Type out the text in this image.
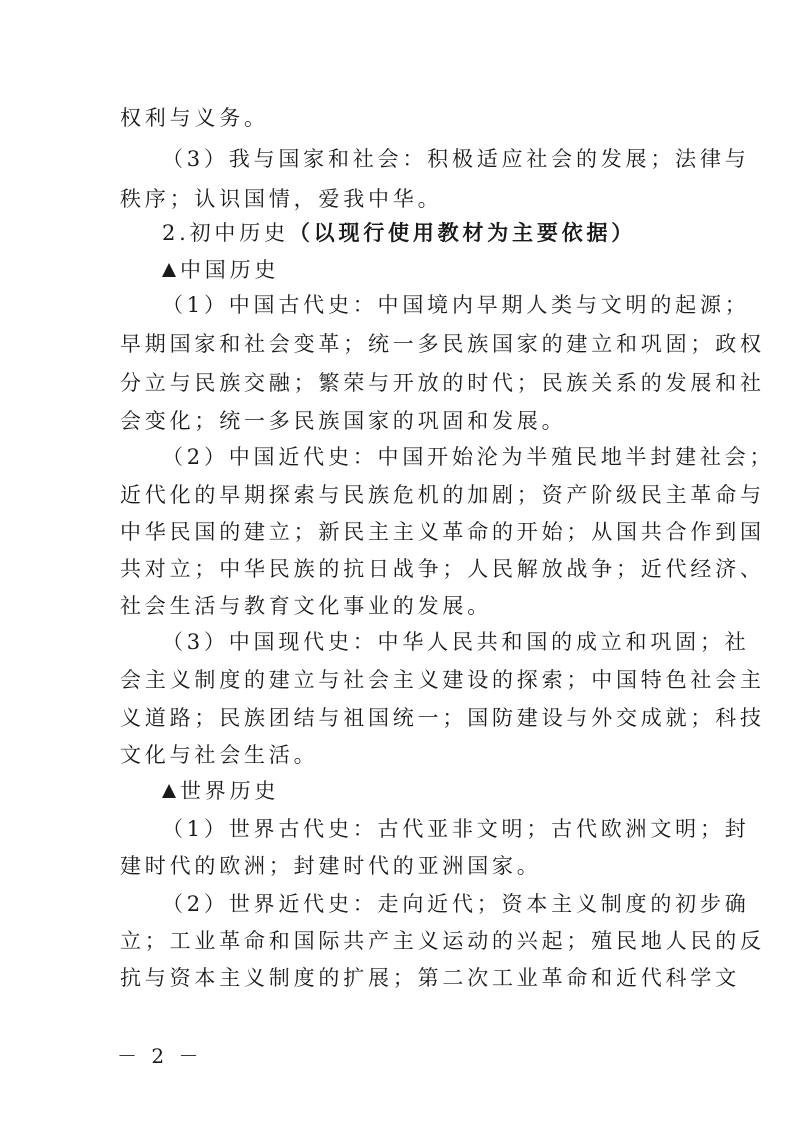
权利与义务。
（3）我与国家和社会：积极适应社会的发展；法律与
秩序；认识国情，爱我中华。
2.初中历史（以现行使用教材为主要依据）
中国历史
（1）中国古代史：中国境内早期人类与文明的起源；
早期国家和社会变革；统一多民族国家的建立和巩固；政权
分立与民族交融；繁荣与开放的时代；民族关系的发展和社
会变化；统一多民族国家的巩固和发展。
（2）中国近代史：中国开始沦为半殖民地半封建社会；
近代化的早期探索与民族危机的加剧；资产阶级民主革命与
中华民国的建立；新民主主义革命的开始；从国共合作到国
共对立；中华民族的抗日战争；人民解放战争；近代经济、
社会生活与教育文化事业的发展。
（3）中国现代史：中华人民共和国的成立和巩固；社
会主义制度的建立与社会主义建设的探索；中国特色社会主
义道路；民族团结与祖国统一；国防建设与外交成就；科技
文化与社会生活。
世界历史
（1）世界古代史：古代亚非文明；古代欧洲文明；封
建时代的欧洲；封建时代的亚洲国家。
（2）世界近代史：走向近代；资本主义制度的初步确
立；工业革命和国际共产主义运动的兴起；殖民地人民的反
抗与资本主义制度的扩展；第二次工业革命和近代科学文
－ 2 －
